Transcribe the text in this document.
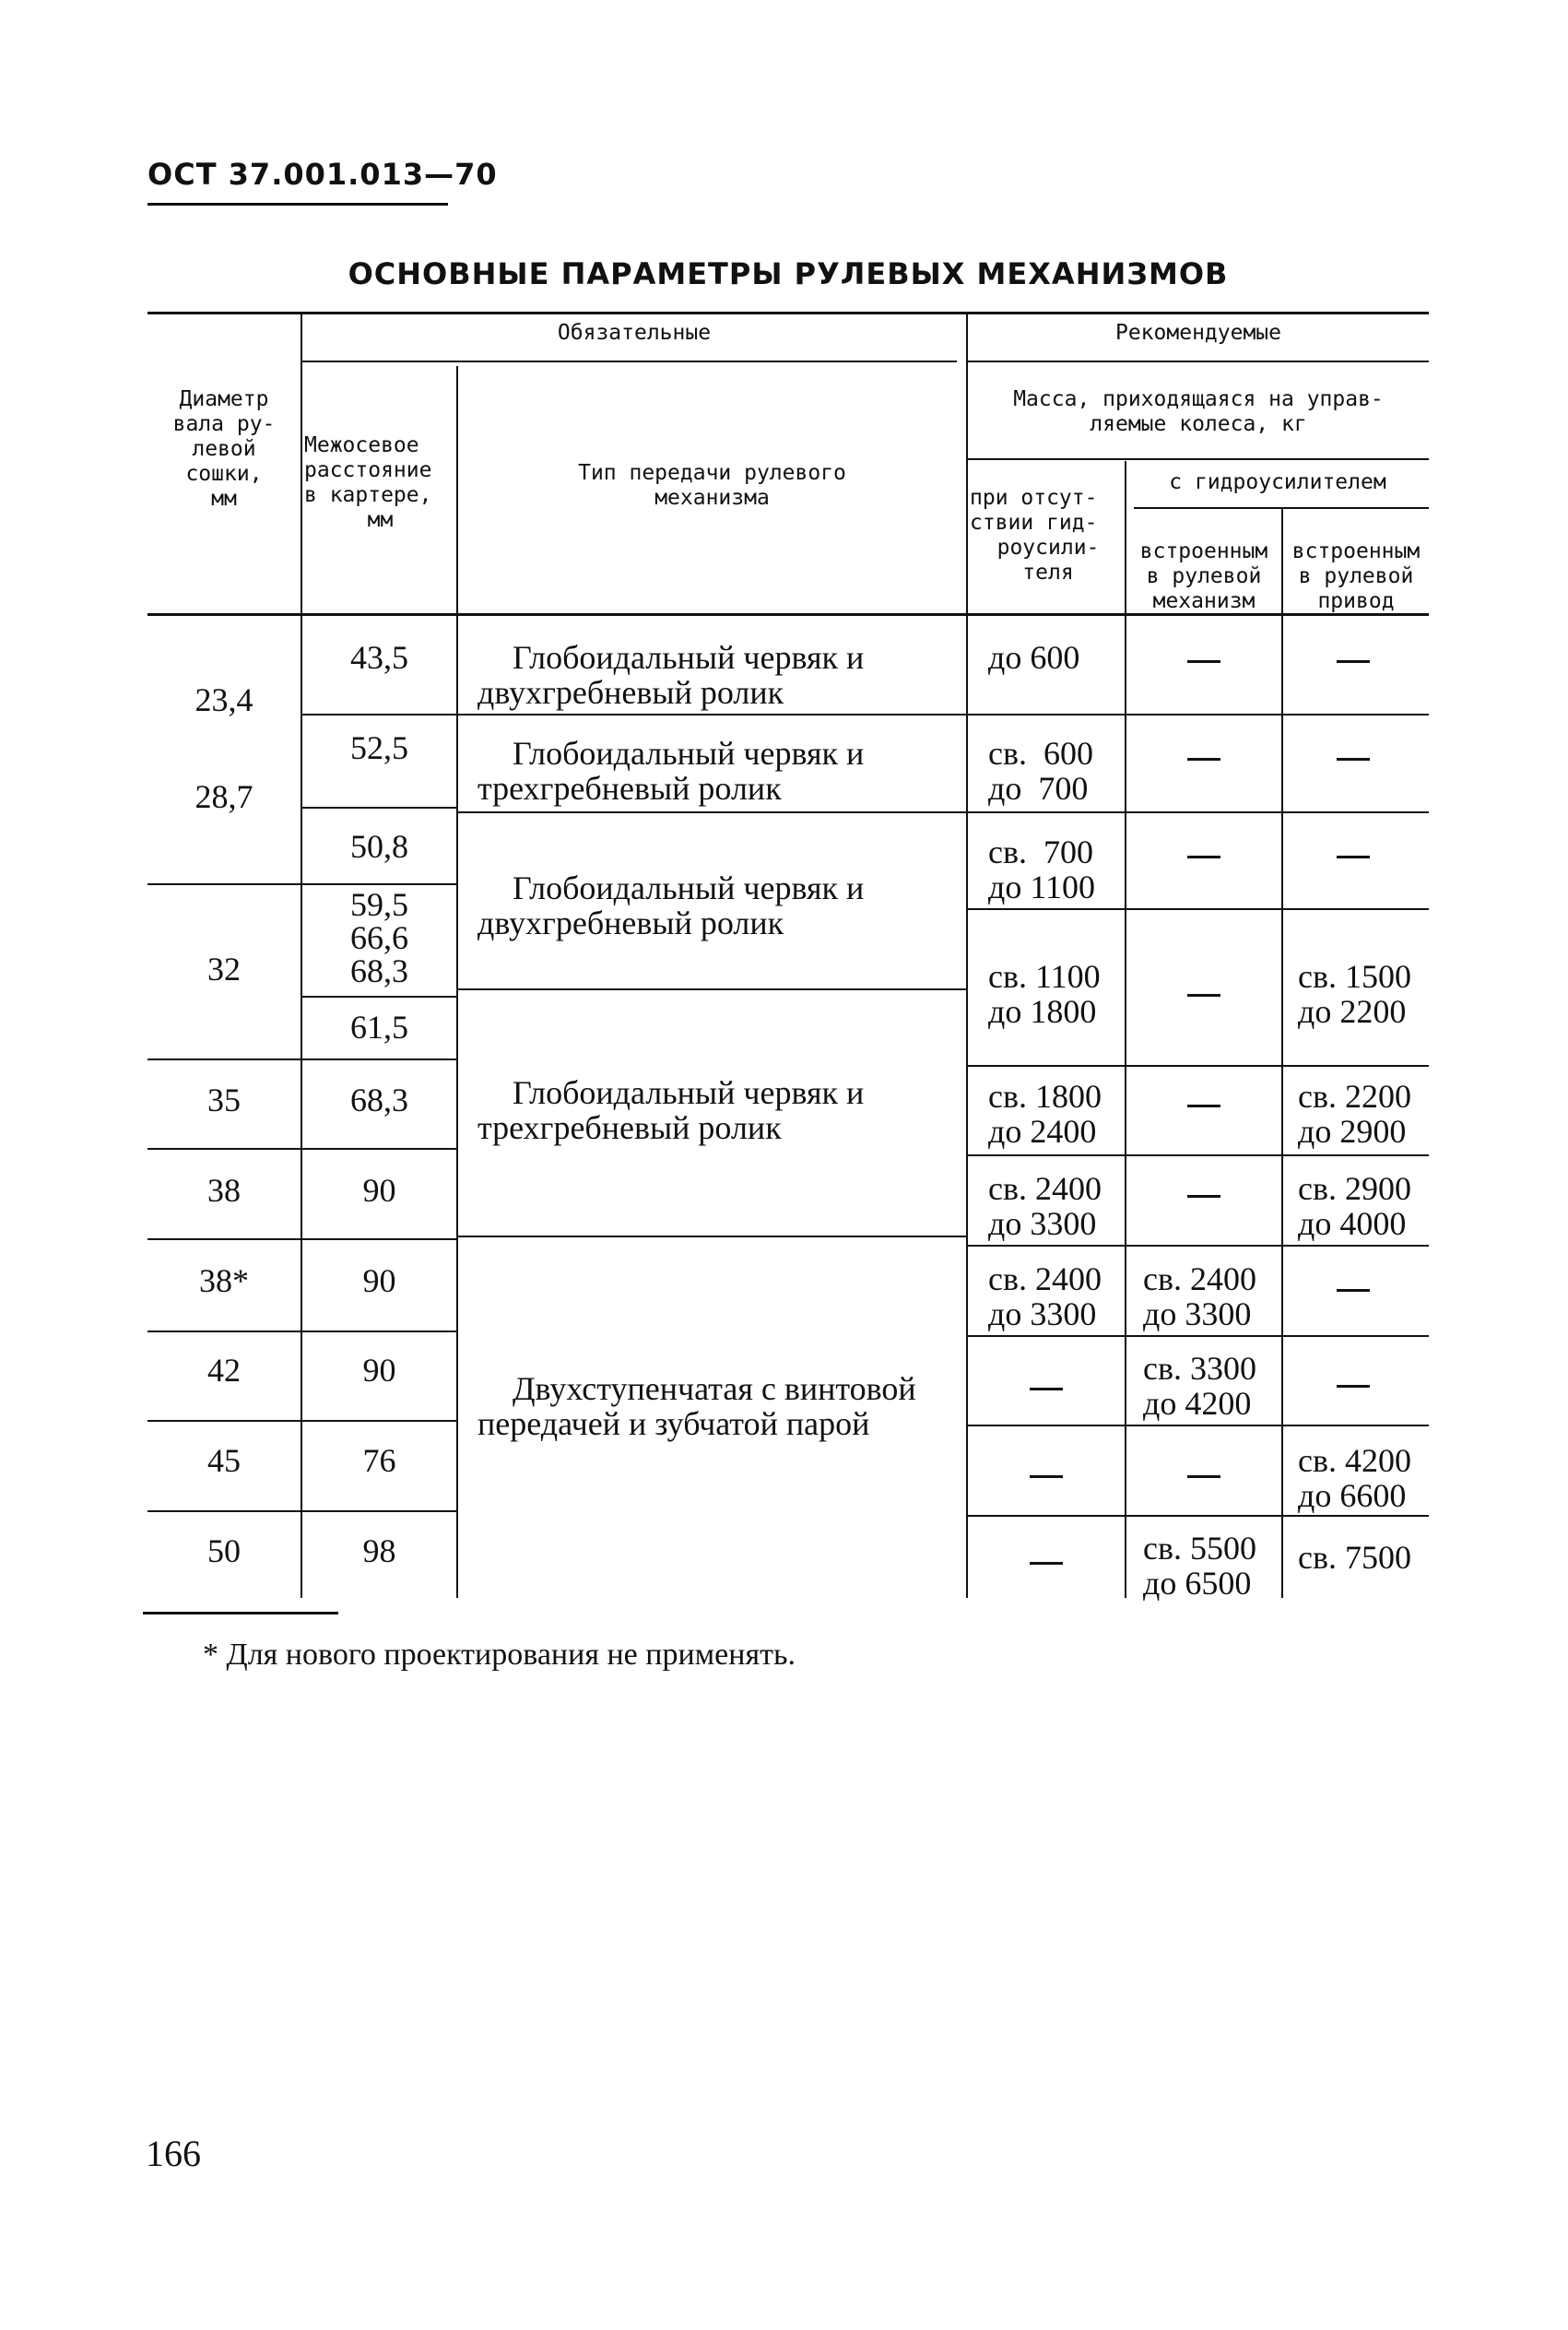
ОСТ 37.001.013—70
ОСНОВНЫЕ ПАРАМЕТРЫ РУЛЕВЫХ МЕХАНИЗМОВ
Обязательные	Рекомендуемые
Диаметр
вала ру-
левой
сошки,
мм
Межосевое
расстояние
в картере,
мм
Тип передачи рулевого
механизма
Масса, приходящаяся на управ-
ляемые колеса, кг
с гидроусилителем
при отсут-
ствии гид-
роусили-
теля
встроенным
в рулевой
механизм
встроенным
в рулевой
привод
23,4
28,7
32
35
38
38*
42
45
50
43,5
52,5
50,8
59,5
66,6
68,3
61,5
68,3
90
90
90
76
98
Глобоидальный червяк и
двухгребневый ролик
Глобоидальный червяк и
трехгребневый ролик
Глобоидальный червяк и
двухгребневый ролик
Глобоидальный червяк и
трехгребневый ролик
Двухступенчатая с винтовой
передачей и зубчатой парой
до 600
св.  600
до  700
св.  700
до 1100
св. 1100
до 1800
св. 1800
до 2400
св. 2400
до 3300
св. 2400
до 3300
св. 2400
до 3300
св. 3300
до 4200
св. 5500
до 6500
св. 1500
до 2200
св. 2200
до 2900
св. 2900
до 4000
св. 4200
до 6600
св. 7500
* Для нового проектирования не применять.
166
